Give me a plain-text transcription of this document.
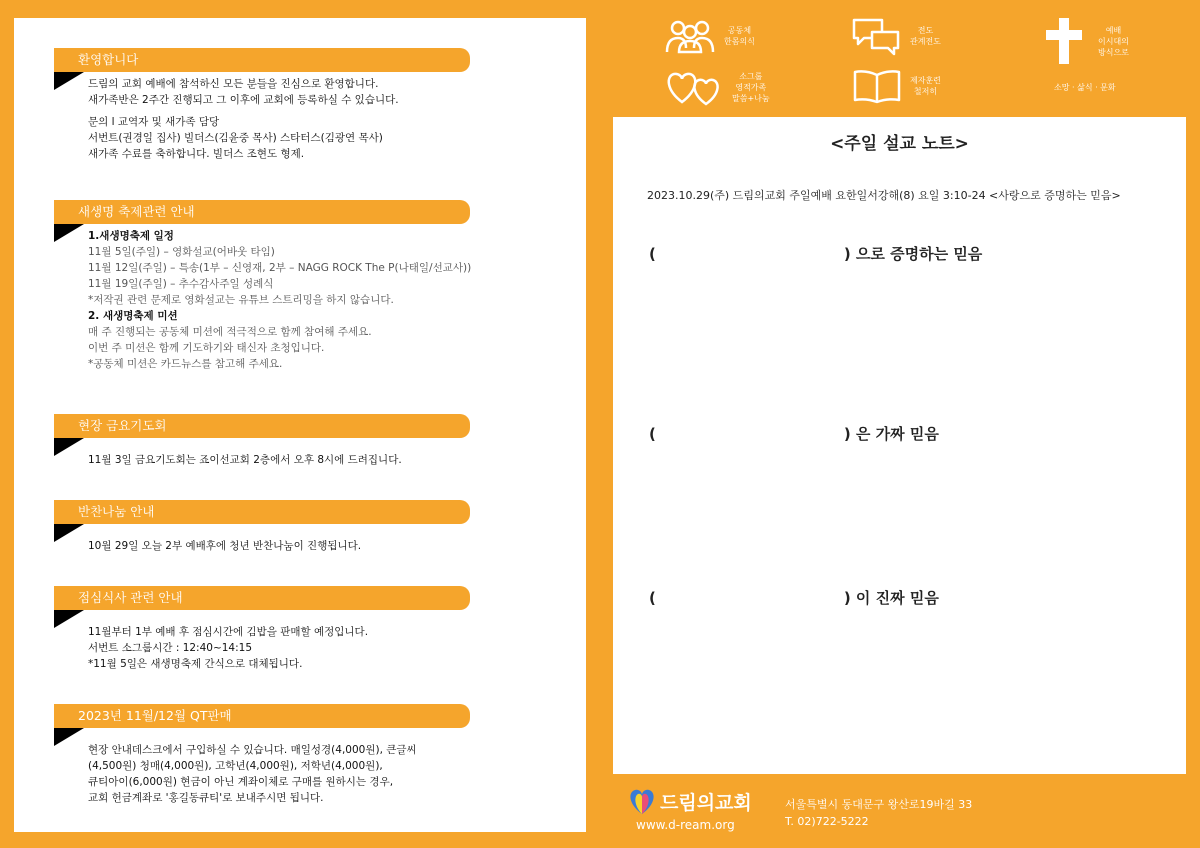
환영합니다

드림의 교회 예배에 참석하신 모든 분들을 진심으로 환영합니다.

새가족반은 2주간 진행되고 그 이후에 교회에 등록하실 수 있습니다.

문의 l 교역자 및 새가족 담당

서번트(권경일 집사) 빌더스(김윤중 목사) 스타터스(김광연 목사)

새가족 수료를 축하합니다. 빌더스 조현도 형제.

새생명 축제관련 안내

1.새생명축제 일정

11월 5일(주일) – 영화설교(어바웃 타임)

11월 12일(주일) – 특송(1부 – 신영재, 2부 – NAGG ROCK The P(나태일/선교사))

11월 19일(주일) – 추수감사주일 성례식

*저작권 관련 문제로 영화설교는 유튜브 스트리밍을 하지 않습니다.

2. 새생명축제 미션

매 주 진행되는 공동체 미션에 적극적으로 함께 참여해 주세요.

이번 주 미션은 함께 기도하기와 태신자 초청입니다.

*공동체 미션은 카드뉴스를 참고해 주세요.

현장 금요기도회

11월 3일 금요기도회는 죠이선교회 2층에서 오후 8시에 드려집니다.

반찬나눔 안내

10월 29일 오늘 2부 예배후에 청년 반찬나눔이 진행됩니다.

점심식사 관련 안내

11월부터 1부 예배 후 점심시간에 김밥을 판매할 예정입니다.

서번트 소그룹시간 : 12:40~14:15

*11월 5일은 새생명축제 간식으로 대체됩니다.

2023년 11월/12월 QT판매

현장 안내데스크에서 구입하실 수 있습니다. 매일성경(4,000원), 큰글씨

(4,500원) 청매(4,000원), 고학년(4,000원), 저학년(4,000원),

큐티아이(6,000원) 현금이 아닌 계좌이체로 구매를 원하시는 경우,

교회 헌금계좌로 '홍길동큐티'로 보내주시면 됩니다.

공동체

한몸의식

전도

관계전도

예배

이시대의

방식으로

소그룹

영적가족

말씀+나눔

제자훈련

철저히	소망 · 삶식 · 문화
<주일 설교 노트>
2023.10.29(주) 드림의교회 주일예배 요한일서강해(8) 요일 3:10-24 <사랑으로 증명하는 믿음>
(	) 으로 증명하는 믿음
(	) 은 가짜 믿음
(	) 이 진짜 믿음
드림의교회
www.d-ream.org

서울특별시 동대문구 왕산로19바길 33

T. 02)722-5222
